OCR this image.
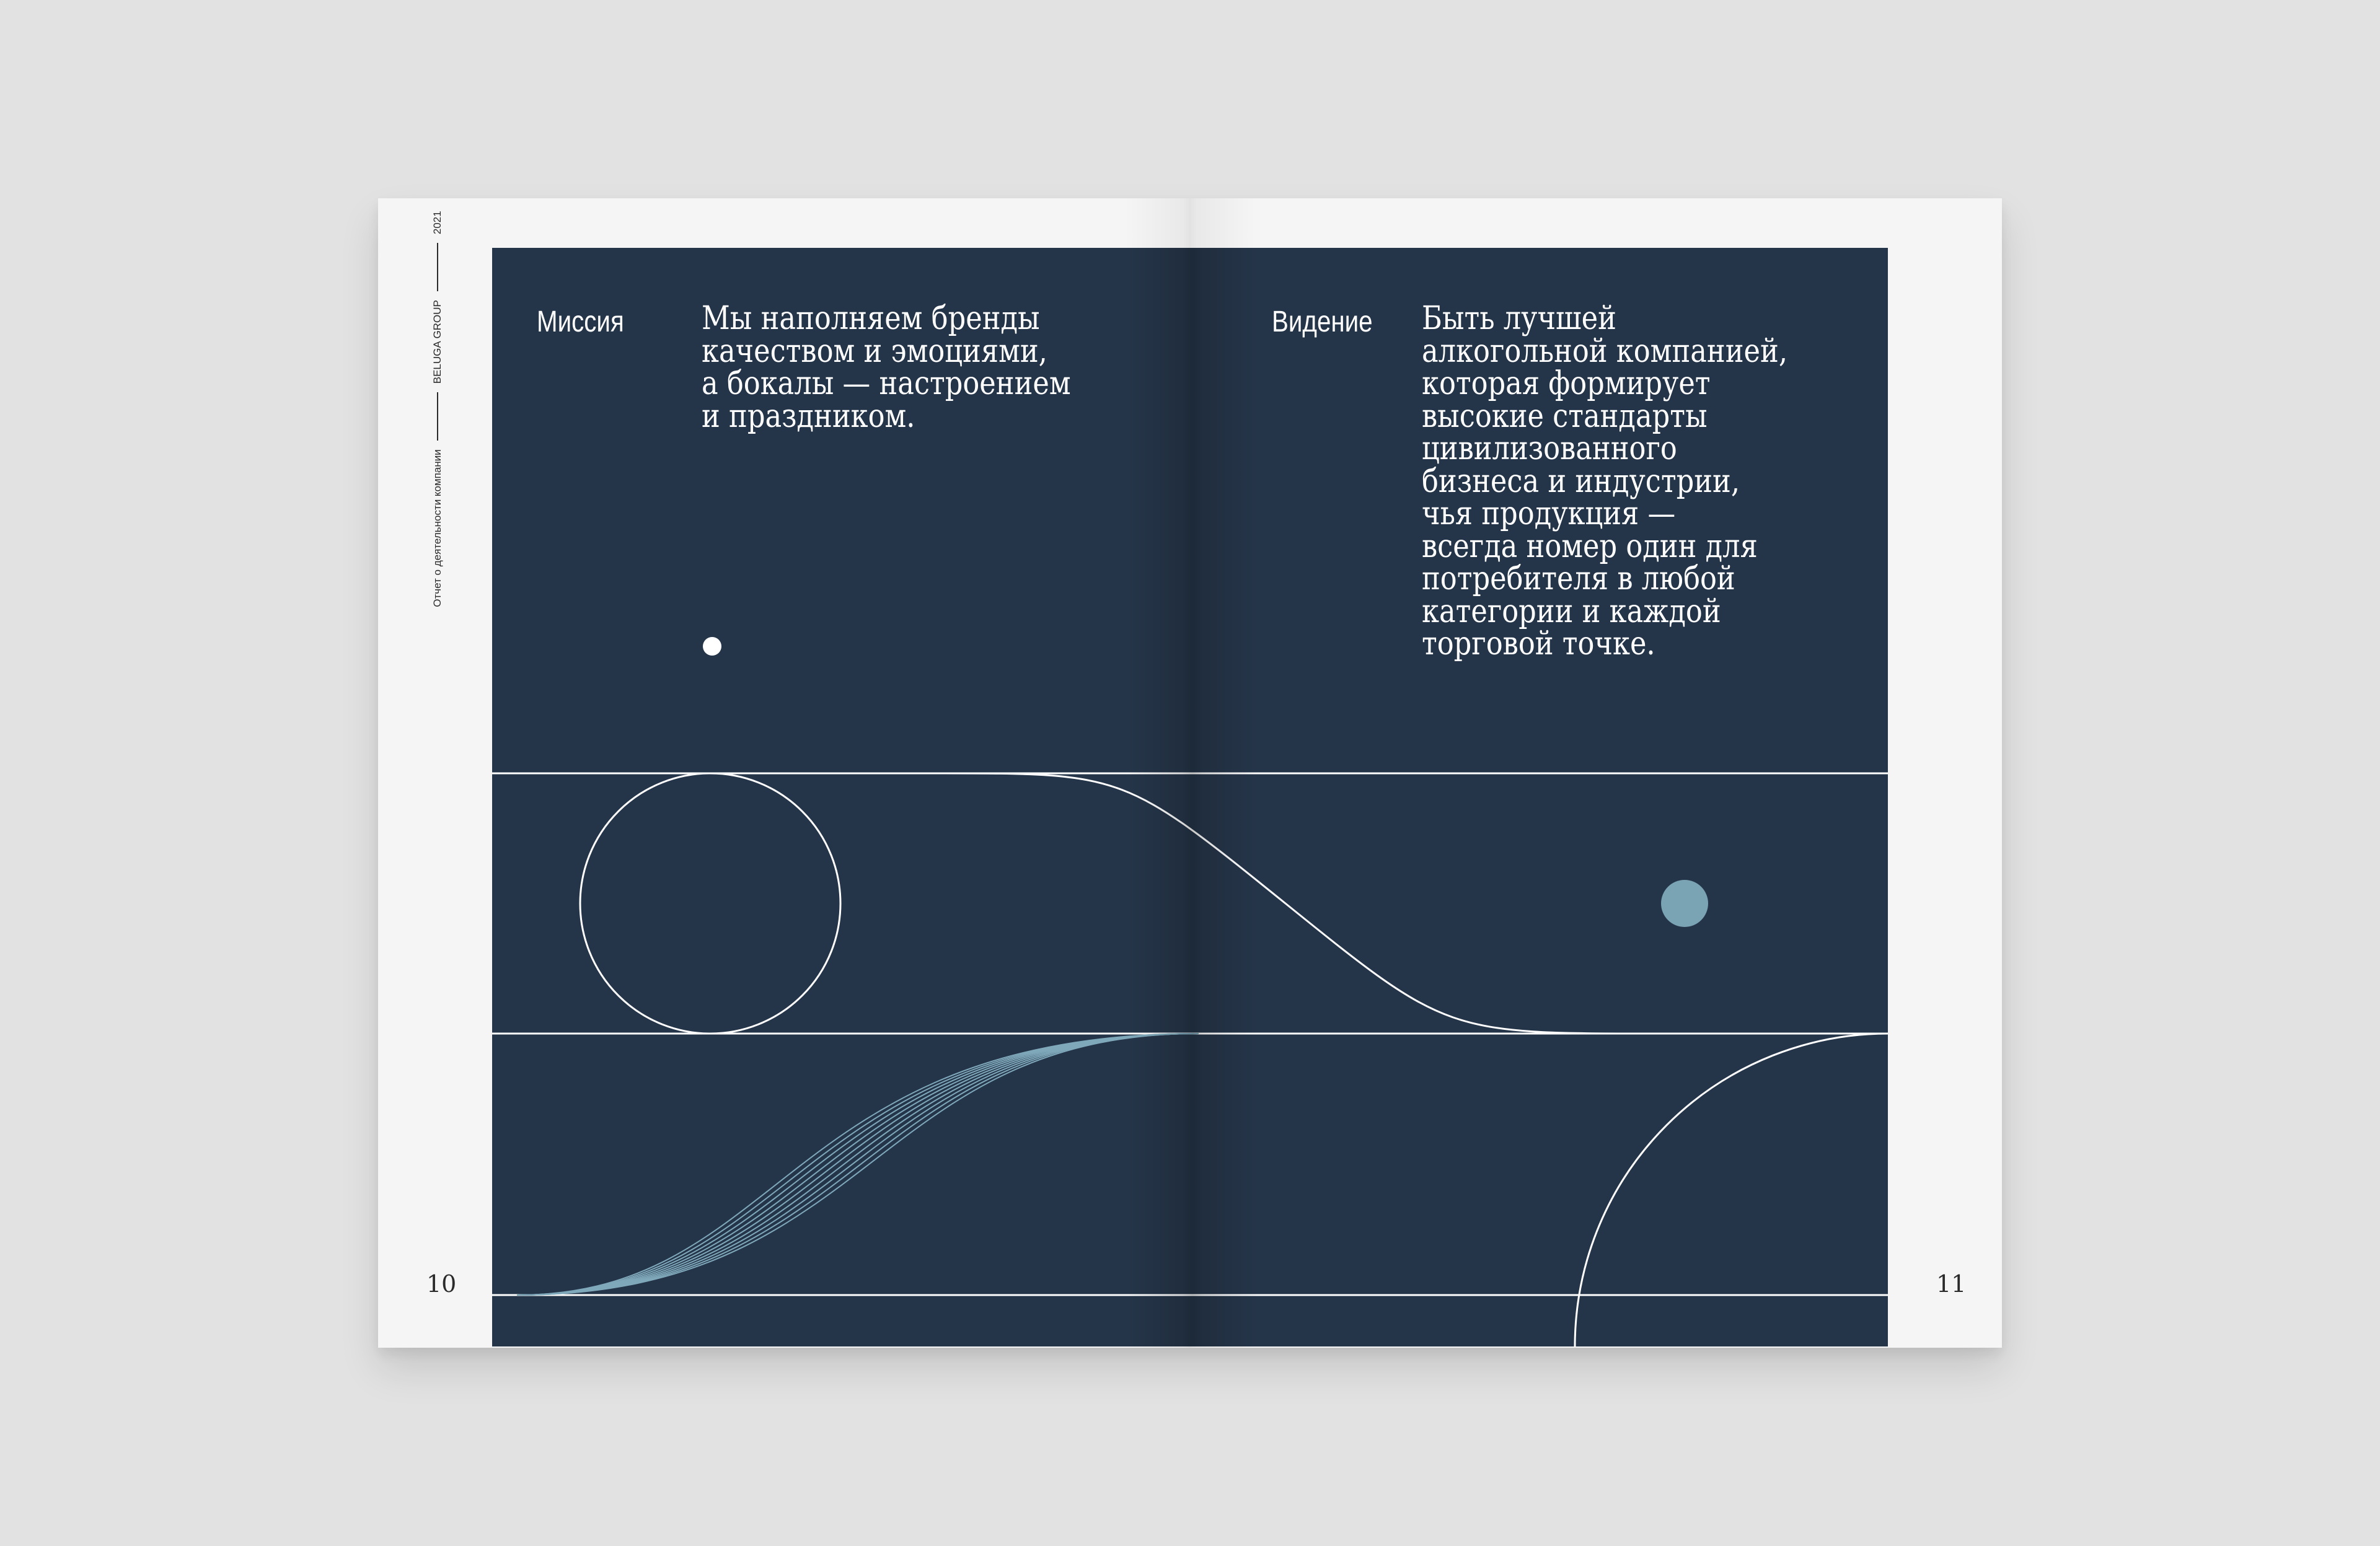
Отчет о деятельности компании
BELUGA GROUP
2021
10	11
Миссия Мы наполняем бренды
качеством и эмоциями,
а бокалы — настроением
и праздником.

Видение Быть лучшей
алкогольной компанией,
которая формирует
высокие стандарты
цивилизованного
бизнеса и индустрии,
чья продукция —
всегда номер один для
потребителя в любой
категории и каждой
торговой точке.
